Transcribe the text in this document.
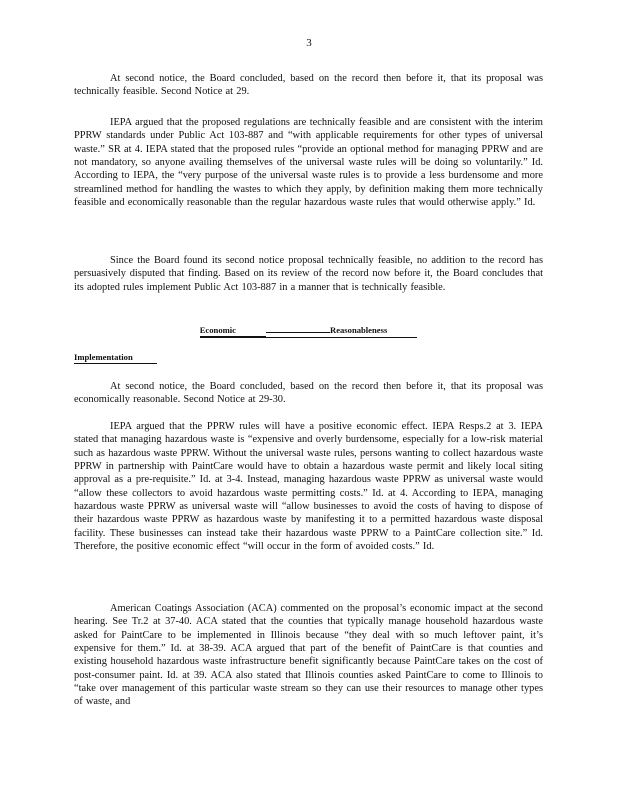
3
At second notice, the Board concluded, based on the record then before it, that its proposal was technically feasible. Second Notice at 29.
IEPA argued that the proposed regulations are technically feasible and are consistent with the interim PPRW standards under Public Act 103-887 and “with applicable requirements for other types of universal waste.” SR at 4. IEPA stated that the proposed rules “provide an optional method for managing PPRW and are not mandatory, so anyone availing themselves of the universal waste rules will be doing so voluntarily.” Id. According to IEPA, the “very purpose of the universal waste rules is to provide a less burdensome and more streamlined method for handling the wastes to which they apply, by definition making them more technically feasible and economically reasonable than the regular hazardous waste rules that would otherwise apply.” Id.
Since the Board found its second notice proposal technically feasible, no addition to the record has persuasively disputed that finding. Based on its review of the record now before it, the Board concludes that its adopted rules implement Public Act 103-887 in a manner that is technically feasible.
Economic	Reasonableness
Implementation
At second notice, the Board concluded, based on the record then before it, that its proposal was economically reasonable. Second Notice at 29-30.
IEPA argued that the PPRW rules will have a positive economic effect. IEPA Resps.2 at 3. IEPA stated that managing hazardous waste is “expensive and overly burdensome, especially for a low-risk material such as hazardous waste PPRW. Without the universal waste rules, persons wanting to collect hazardous waste PPRW in partnership with PaintCare would have to obtain a hazardous waste permit and likely local siting approval as a pre-requisite.” Id. at 3-4. Instead, managing hazardous waste PPRW as universal waste would “allow these collectors to avoid hazardous waste permitting costs.” Id. at 4. According to IEPA, managing hazardous waste PPRW as universal waste will “allow businesses to avoid the costs of having to dispose of their hazardous waste PPRW as hazardous waste by manifesting it to a permitted hazardous waste disposal facility. These businesses can instead take their hazardous waste PPRW to a PaintCare collection site.” Id. Therefore, the positive economic effect “will occur in the form of avoided costs.” Id.
American Coatings Association (ACA) commented on the proposal’s economic impact at the second hearing. See Tr.2 at 37-40. ACA stated that the counties that typically manage household hazardous waste asked for PaintCare to be implemented in Illinois because “they deal with so much leftover paint, it’s expensive for them.” Id. at 38-39. ACA argued that part of the benefit of PaintCare is that counties and existing household hazardous waste infrastructure benefit significantly because PaintCare takes on the cost of post-consumer paint. Id. at 39. ACA also stated that Illinois counties asked PaintCare to come to Illinois to “take over management of this particular waste stream so they can use their resources to manage other types of waste, and
